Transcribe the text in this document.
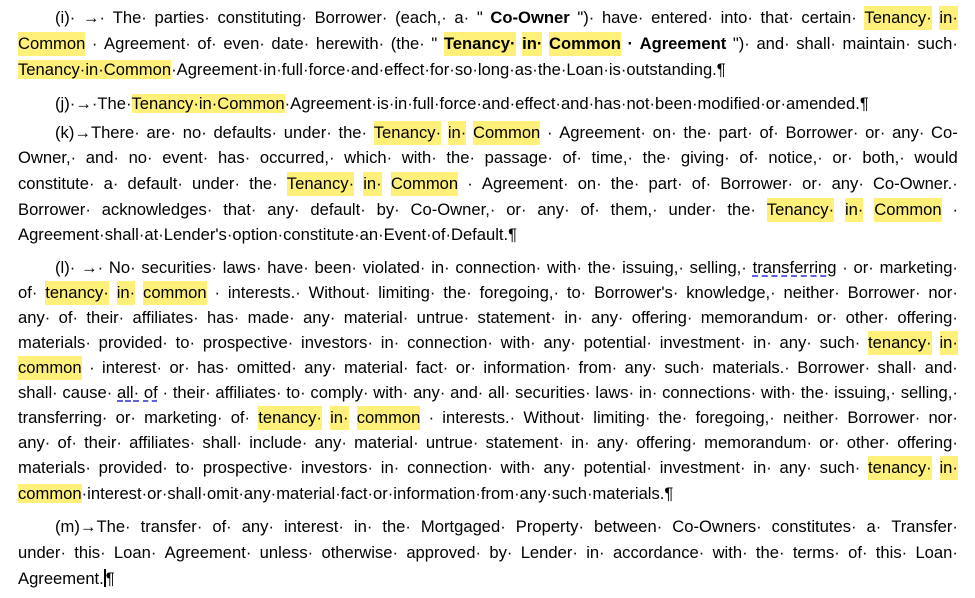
(i)· →· The· parties· constituting· Borrower· (each,· a· " Co-Owner ")· have· entered· into· that· certain· Tenancy· in·
Common · Agreement· of· even· date· herewith· (the· " Tenancy· in· Common · Agreement ")· and· shall· maintain· such·
Tenancy·in·Common·Agreement·in·full·force·and·effect·for·so·long·as·the·Loan·is·outstanding.¶
(j)·→·The·Tenancy·in·Common·Agreement·is·in·full·force·and·effect·and·has·not·been·modified·or·amended.¶
(k)→There· are· no· defaults· under· the· Tenancy· in· Common · Agreement· on· the· part· of· Borrower· or· any· Co-
Owner,· and· no· event· has· occurred,· which· with· the· passage· of· time,· the· giving· of· notice,· or· both,· would
constitute· a· default· under· the· Tenancy· in· Common · Agreement· on· the· part· of· Borrower· or· any· Co-Owner.·
Borrower· acknowledges· that· any· default· by· Co-Owner,· or· any· of· them,· under· the· Tenancy· in· Common ·
Agreement·shall·at·Lender's·option·constitute·an·Event·of·Default.¶
(l)· →· No· securities· laws· have· been· violated· in· connection· with· the· issuing,· selling,· transferring · or· marketing·
of· tenancy· in· common · interests.· Without· limiting· the· foregoing,· to· Borrower's· knowledge,· neither· Borrower· nor·
any· of· their· affiliates· has· made· any· material· untrue· statement· in· any· offering· memorandum· or· other· offering·
materials· provided· to· prospective· investors· in· connection· with· any· potential· investment· in· any· such· tenancy· in·
common · interest· or· has· omitted· any· material· fact· or· information· from· any· such· materials.· Borrower· shall· and·
shall· cause· all· of · their· affiliates· to· comply· with· any· and· all· securities· laws· in· connections· with· the· issuing,· selling,·
transferring· or· marketing· of· tenancy· in· common · interests.· Without· limiting· the· foregoing,· neither· Borrower· nor·
any· of· their· affiliates· shall· include· any· material· untrue· statement· in· any· offering· memorandum· or· other· offering·
materials· provided· to· prospective· investors· in· connection· with· any· potential· investment· in· any· such· tenancy· in·
common·interest·or·shall·omit·any·material·fact·or·information·from·any·such·materials.¶
(m)→The· transfer· of· any· interest· in· the· Mortgaged· Property· between· Co-Owners· constitutes· a· Transfer·
under· this· Loan· Agreement· unless· otherwise· approved· by· Lender· in· accordance· with· the· terms· of· this· Loan·
Agreement. ¶
